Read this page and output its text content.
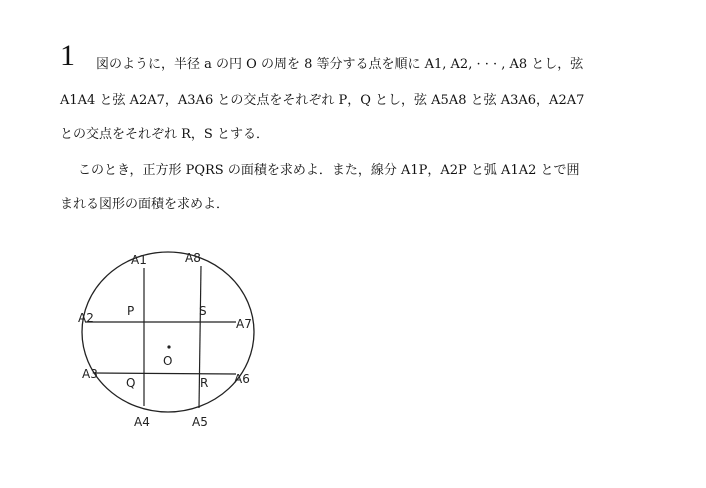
1 図のように，半径 a の円 O の周を 8 等分する点を順に A1, A2, · · · , A8 とし，弦
A1A4 と弦 A2A7，A3A6 との交点をそれぞれ P，Q とし，弦 A5A8 と弦 A3A6，A2A7
との交点をそれぞれ R，S とする．
このとき，正方形 PQRS の面積を求めよ．また，線分 A1P，A2P と弧 A1A2 とで囲
まれる図形の面積を求めよ．
A1	A8
A2	A7
A3	A6
A4	A5
P	S
Q	R
O
